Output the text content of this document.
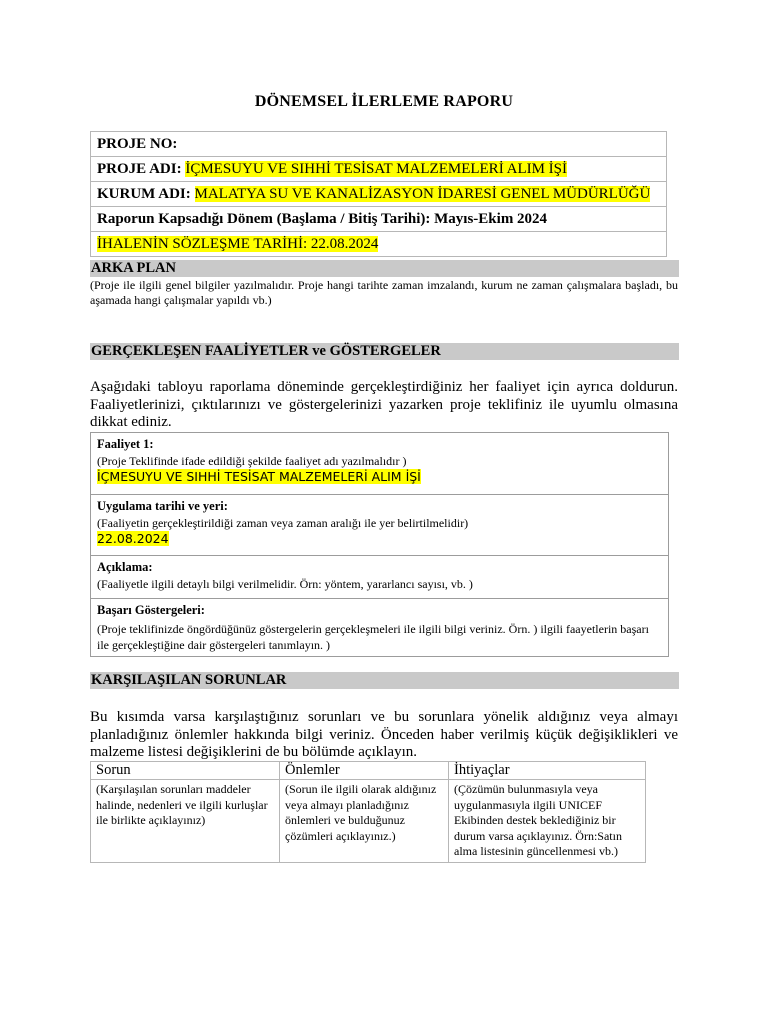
DÖNEMSEL İLERLEME RAPORU
PROJE NO:
PROJE ADI: İÇMESUYU VE SIHHİ TESİSAT MALZEMELERİ ALIM İŞİ
KURUM ADI: MALATYA SU VE KANALİZASYON İDARESİ GENEL MÜDÜRLÜĞÜ
Raporun Kapsadığı Dönem (Başlama / Bitiş Tarihi): Mayıs-Ekim 2024
İHALENİN SÖZLEŞME TARİHİ: 22.08.2024
ARKA PLAN
(Proje ile ilgili genel bilgiler yazılmalıdır. Proje hangi tarihte zaman imzalandı, kurum ne zaman çalışmalara başladı, bu aşamada hangi çalışmalar yapıldı vb.)
GERÇEKLEŞEN FAALİYETLER ve GÖSTERGELER
Aşağıdaki tabloyu raporlama döneminde gerçekleştirdiğiniz her faaliyet için ayrıca doldurun. Faaliyetlerinizi, çıktılarınızı ve göstergelerinizi yazarken proje teklifiniz ile uyumlu olmasına dikkat ediniz.
Faaliyet 1:
(Proje Teklifinde ifade edildiği şekilde faaliyet adı yazılmalıdır )
İÇMESUYU VE SIHHİ TESİSAT MALZEMELERİ ALIM İŞİ

Uygulama tarihi ve yeri:
(Faaliyetin gerçekleştirildiği zaman veya zaman aralığı ile yer belirtilmelidir)
22.08.2024

Açıklama:
(Faaliyetle ilgili detaylı bilgi verilmelidir. Örn: yöntem, yararlancı sayısı, vb. )

Başarı Göstergeleri:
(Proje teklifinizde öngördüğünüz göstergelerin gerçekleşmeleri ile ilgili bilgi veriniz. Örn. ) ilgili faayetlerin başarı ile gerçekleştiğine dair göstergeleri tanımlayın. )
KARŞILAŞILAN SORUNLAR
Bu kısımda varsa karşılaştığınız sorunları ve bu sorunlara yönelik aldığınız veya almayı planladığınız önlemler hakkında bilgi veriniz. Önceden haber verilmiş küçük değişiklikleri ve malzeme listesi değişiklerini de bu bölümde açıklayın.
Sorun	Önlemler	İhtiyaçlar
(Karşılaşılan sorunları maddeler halinde, nedenleri ve ilgili kurluşlar ile birlikte açıklayınız)	(Sorun ile ilgili olarak aldığınız veya almayı planladığınız önlemleri ve bulduğunuz çözümleri açıklayınız.)	(Çözümün bulunmasıyla veya uygulanmasıyla ilgili UNICEF Ekibinden destek beklediğiniz bir durum varsa açıklayınız. Örn:Satın alma listesinin güncellenmesi vb.)
